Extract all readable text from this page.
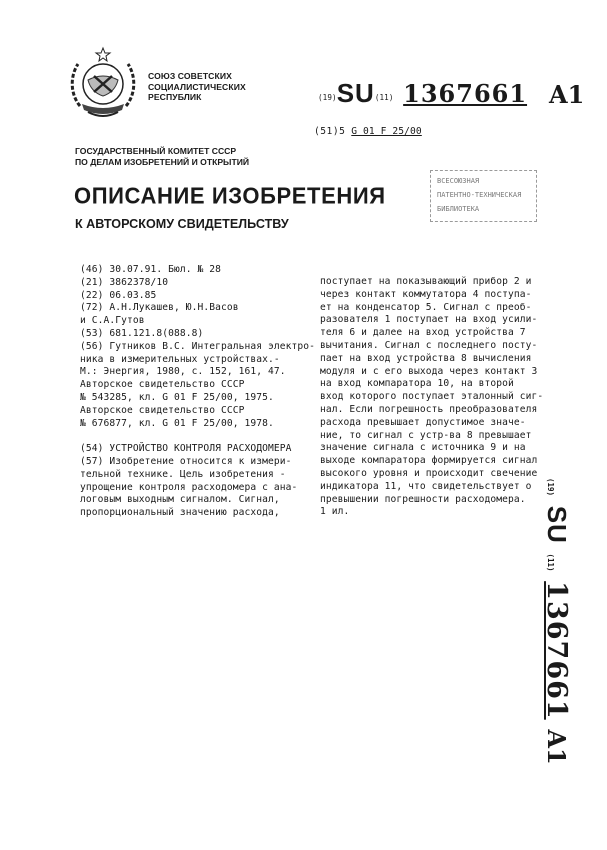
СОЮЗ СОВЕТСКИХ
СОЦИАЛИСТИЧЕСКИХ
РЕСПУБЛИК	(19)SU(11) 1367661 A1
(51)5 G 01 F 25/00
ГОСУДАРСТВЕННЫЙ КОМИТЕТ СССР
ПО ДЕЛАМ ИЗОБРЕТЕНИЙ И ОТКРЫТИЙ
ОПИСАНИЕ ИЗОБРЕТЕНИЯ
К АВТОРСКОМУ СВИДЕТЕЛЬСТВУ
ВСЕСОЮЗНАЯ
ПАТЕНТНО-ТЕХНИЧЕСКАЯ
БИБЛИОТЕКА
(46) 30.07.91. Бюл. № 28
(21) 3862378/10
(22) 06.03.85
(72) А.Н.Лукашев, Ю.Н.Васов
и С.А.Гутов
(53) 681.121.8(088.8)
(56) Гутников В.С. Интегральная электро-
ника в измерительных устройствах.-
М.: Энергия, 1980, с. 152, 161, 47.
Авторское свидетельство СССР
№ 543285, кл. G 01 F 25/00, 1975.
Авторское свидетельство СССР
№ 676877, кл. G 01 F 25/00, 1978.
(54) УСТРОЙСТВО КОНТРОЛЯ РАСХОДОМЕРА
(57) Изобретение относится к измери-
тельной технике. Цель изобретения -
упрощение контроля расходомера с ана-
логовым выходным сигналом. Сигнал,
пропорциональный значению расхода,
поступает на показывающий прибор 2 и
через контакт коммутатора 4 поступа-
ет на конденсатор 5. Сигнал с преоб-
разователя 1 поступает на вход усили-
теля 6 и далее на вход устройства 7
вычитания. Сигнал с последнего посту-
пает на вход устройства 8 вычисления
модуля и с его выхода через контакт 3
на вход компаратора 10, на второй
вход которого поступает эталонный сиг-
нал. Если погрешность преобразователя
расхода превышает допустимое значе-
ние, то сигнал с устр-ва 8 превышает
значение сигнала с источника 9 и на
выходе компаратора формируется сигнал
высокого уровня и происходит свечение
индикатора 11, что свидетельствует о
превышении погрешности расходомера.
1 ил.
(19) SU (11) 1367661 A1
